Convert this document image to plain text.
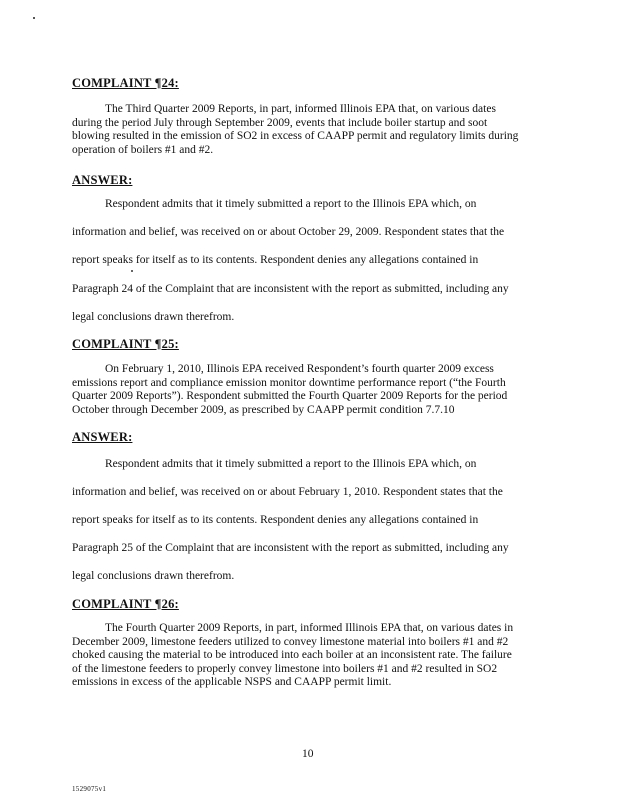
COMPLAINT ¶24:
The Third Quarter 2009 Reports, in part, informed Illinois EPA that, on various dates
during the period July through September 2009, events that include boiler startup and soot
blowing resulted in the emission of SO2 in excess of CAAPP permit and regulatory limits during
operation of boilers #1 and #2.
ANSWER:
Respondent admits that it timely submitted a report to the Illinois EPA which, on
information and belief, was received on or about October 29, 2009. Respondent states that the
report speaks for itself as to its contents. Respondent denies any allegations contained in
Paragraph 24 of the Complaint that are inconsistent with the report as submitted, including any
legal conclusions drawn therefrom.
COMPLAINT ¶25:
On February 1, 2010, Illinois EPA received Respondent’s fourth quarter 2009 excess
emissions report and compliance emission monitor downtime performance report (“the Fourth
Quarter 2009 Reports”). Respondent submitted the Fourth Quarter 2009 Reports for the period
October through December 2009, as prescribed by CAAPP permit condition 7.7.10
ANSWER:
Respondent admits that it timely submitted a report to the Illinois EPA which, on
information and belief, was received on or about February 1, 2010. Respondent states that the
report speaks for itself as to its contents. Respondent denies any allegations contained in
Paragraph 25 of the Complaint that are inconsistent with the report as submitted, including any
legal conclusions drawn therefrom.
COMPLAINT ¶26:
The Fourth Quarter 2009 Reports, in part, informed Illinois EPA that, on various dates in
December 2009, limestone feeders utilized to convey limestone material into boilers #1 and #2
choked causing the material to be introduced into each boiler at an inconsistent rate. The failure
of the limestone feeders to properly convey limestone into boilers #1 and #2 resulted in SO2
emissions in excess of the applicable NSPS and CAAPP permit limit.
10
1529075v1
